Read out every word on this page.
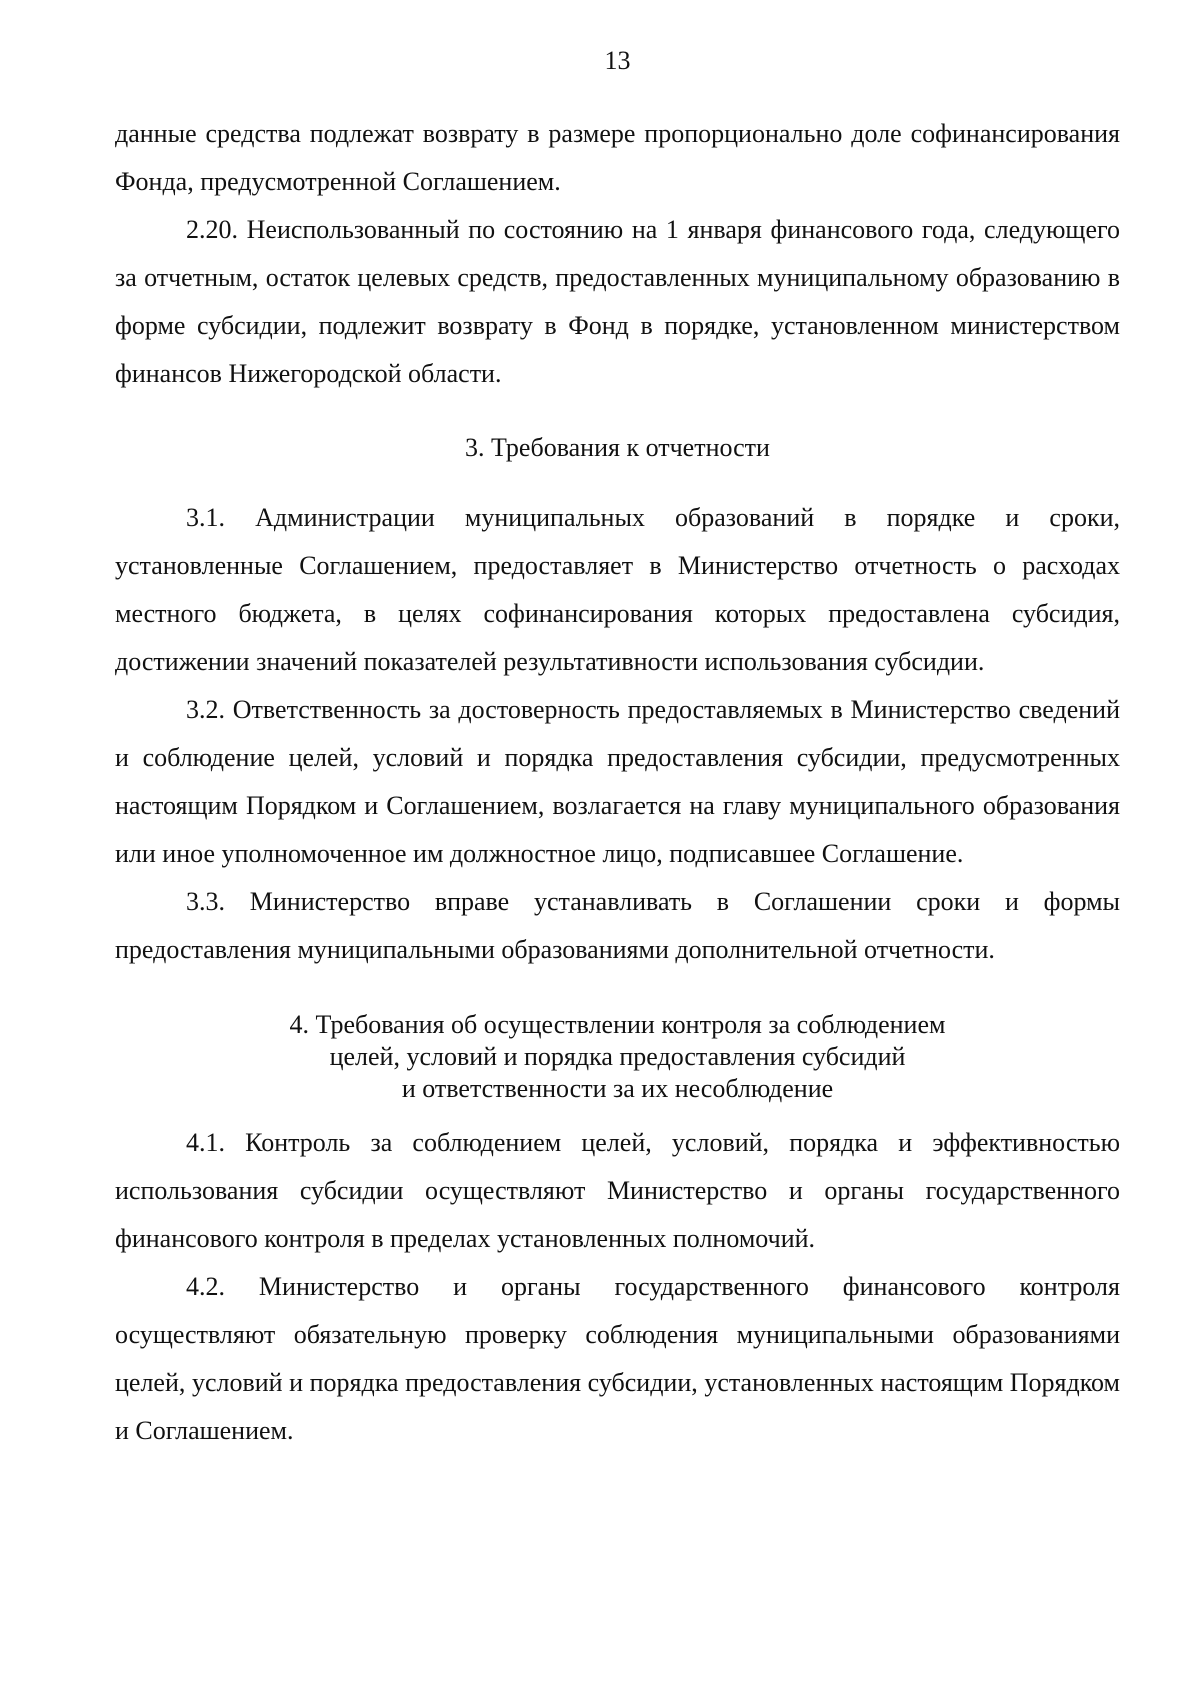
13

данные средства подлежат возврату в размере пропорционально доле софинансирования Фонда, предусмотренной Соглашением.

2.20. Неиспользованный по состоянию на 1 января финансового года, следующего за отчетным, остаток целевых средств, предоставленных муниципальному образованию в форме субсидии, подлежит возврату в Фонд в порядке, установленном министерством финансов Нижегородской области.

3. Требования к отчетности

3.1. Администрации муниципальных образований в порядке и сроки, установленные Соглашением, предоставляет в Министерство отчетность о расходах местного бюджета, в целях софинансирования которых предоставлена субсидия, достижении значений показателей результативности использования субсидии.

3.2. Ответственность за достоверность предоставляемых в Министерство сведений и соблюдение целей, условий и порядка предоставления субсидии, предусмотренных настоящим Порядком и Соглашением, возлагается на главу муниципального образования или иное уполномоченное им должностное лицо, подписавшее Соглашение.

3.3. Министерство вправе устанавливать в Соглашении сроки и формы предоставления муниципальными образованиями дополнительной отчетности.

4. Требования об осуществлении контроля за соблюдением
целей, условий и порядка предоставления субсидий
и ответственности за их несоблюдение

4.1. Контроль за соблюдением целей, условий, порядка и эффективностью использования субсидии осуществляют Министерство и органы государственного финансового контроля в пределах установленных полномочий.

4.2. Министерство и органы государственного финансового контроля осуществляют обязательную проверку соблюдения муниципальными образованиями целей, условий и порядка предоставления субсидии, установленных настоящим Порядком и Соглашением.
